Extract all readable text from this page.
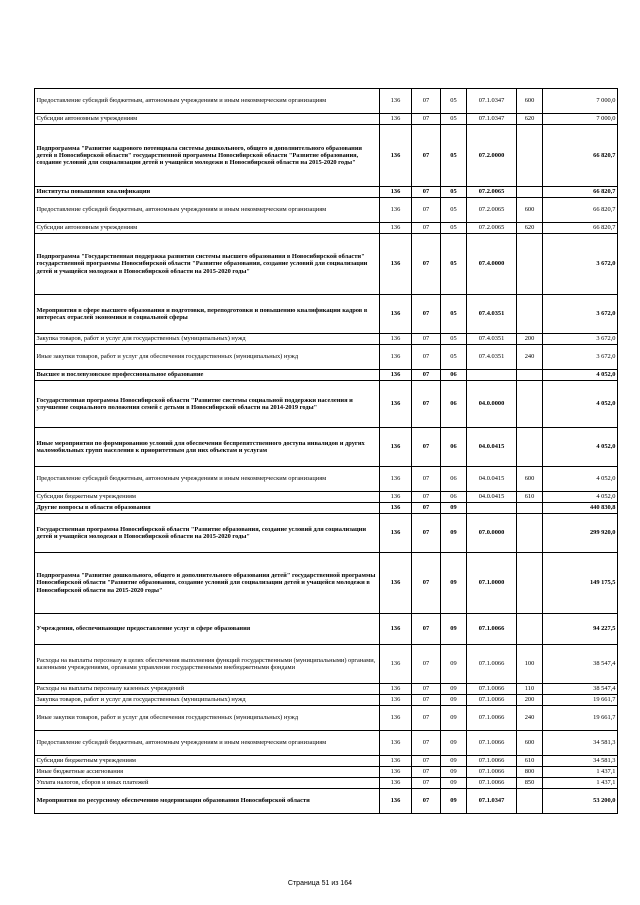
Предоставление субсидий бюджетным, автономным учреждениям и иным некоммерческим организациям	136	07	05	07.1.0347	600	7 000,0
Субсидии автономным учреждениям	136	07	05	07.1.0347	620	7 000,0
Подпрограмма "Развитие кадрового потенциала системы дошкольного, общего и дополнительного образования детей в Новосибирской области" государственной программы Новосибирской области "Развитие образования, создание условий для социализации детей и учащейся молодежи в Новосибирской области на 2015-2020 годы"	136	07	05	07.2.0000		66 820,7
Институты повышения квалификации	136	07	05	07.2.0065		66 820,7
Предоставление субсидий бюджетным, автономным учреждениям и иным некоммерческим организациям	136	07	05	07.2.0065	600	66 820,7
Субсидии автономным учреждениям	136	07	05	07.2.0065	620	66 820,7
Подпрограмма "Государственная поддержка развития системы высшего образования в Новосибирской области" государственной программы Новосибирской области "Развитие образования, создание условий для социализации детей и учащейся молодежи в Новосибирской области на 2015-2020 годы"	136	07	05	07.4.0000		3 672,0
Мероприятия в сфере высшего образования и подготовки, переподготовки и повышению квалификации кадров в интересах отраслей экономики и социальной сферы	136	07	05	07.4.0351		3 672,0
Закупка товаров, работ и услуг для государственных (муниципальных) нужд	136	07	05	07.4.0351	200	3 672,0
Иные закупки товаров, работ и услуг для обеспечения государственных (муниципальных) нужд	136	07	05	07.4.0351	240	3 672,0
Высшее и послевузовское профессиональное образование	136	07	06			4 052,0
Государственная программа Новосибирской области "Развитие системы социальной поддержки населения и улучшение социального положения семей с детьми в Новосибирской области на 2014-2019 годы"	136	07	06	04.0.0000		4 052,0
Иные мероприятия по формированию условий для обеспечения беспрепятственного доступа инвалидов и других маломобильных групп населения к приоритетным для них объектам и услугам	136	07	06	04.0.0415		4 052,0
Предоставление субсидий бюджетным, автономным учреждениям и иным некоммерческим организациям	136	07	06	04.0.0415	600	4 052,0
Субсидии бюджетным учреждениям	136	07	06	04.0.0415	610	4 052,0
Другие вопросы в области образования	136	07	09			440 830,8
Государственная программа Новосибирской области "Развитие образования, создание условий для социализации детей и учащейся молодежи в Новосибирской области на 2015-2020 годы"	136	07	09	07.0.0000		299 920,0
Подпрограмма "Развитие дошкольного, общего и дополнительного образования детей" государственной программы Новосибирской области "Развитие образования, создание условий для социализации детей и учащейся молодежи в Новосибирской области на 2015-2020 годы"	136	07	09	07.1.0000		149 175,5
Учреждения, обеспечивающие предоставление услуг в сфере образования	136	07	09	07.1.0066		94 227,5
Расходы на выплаты персоналу в целях обеспечения выполнения функций государственными (муниципальными) органами, казенными учреждениями, органами управления государственными внебюджетными фондами	136	07	09	07.1.0066	100	38 547,4
Расходы на выплаты персоналу казенных учреждений	136	07	09	07.1.0066	110	38 547,4
Закупка товаров, работ и услуг для государственных (муниципальных) нужд	136	07	09	07.1.0066	200	19 661,7
Иные закупки товаров, работ и услуг для обеспечения государственных (муниципальных) нужд	136	07	09	07.1.0066	240	19 661,7
Предоставление субсидий бюджетным, автономным учреждениям и иным некоммерческим организациям	136	07	09	07.1.0066	600	34 581,3
Субсидии бюджетным учреждениям	136	07	09	07.1.0066	610	34 581,3
Иные бюджетные ассигнования	136	07	09	07.1.0066	800	1 437,1
Уплата налогов, сборов и иных платежей	136	07	09	07.1.0066	850	1 437,1
Мероприятия по ресурсному обеспечению модернизации образования Новосибирской области	136	07	09	07.1.0347		53 200,0
Страница 51 из 164
